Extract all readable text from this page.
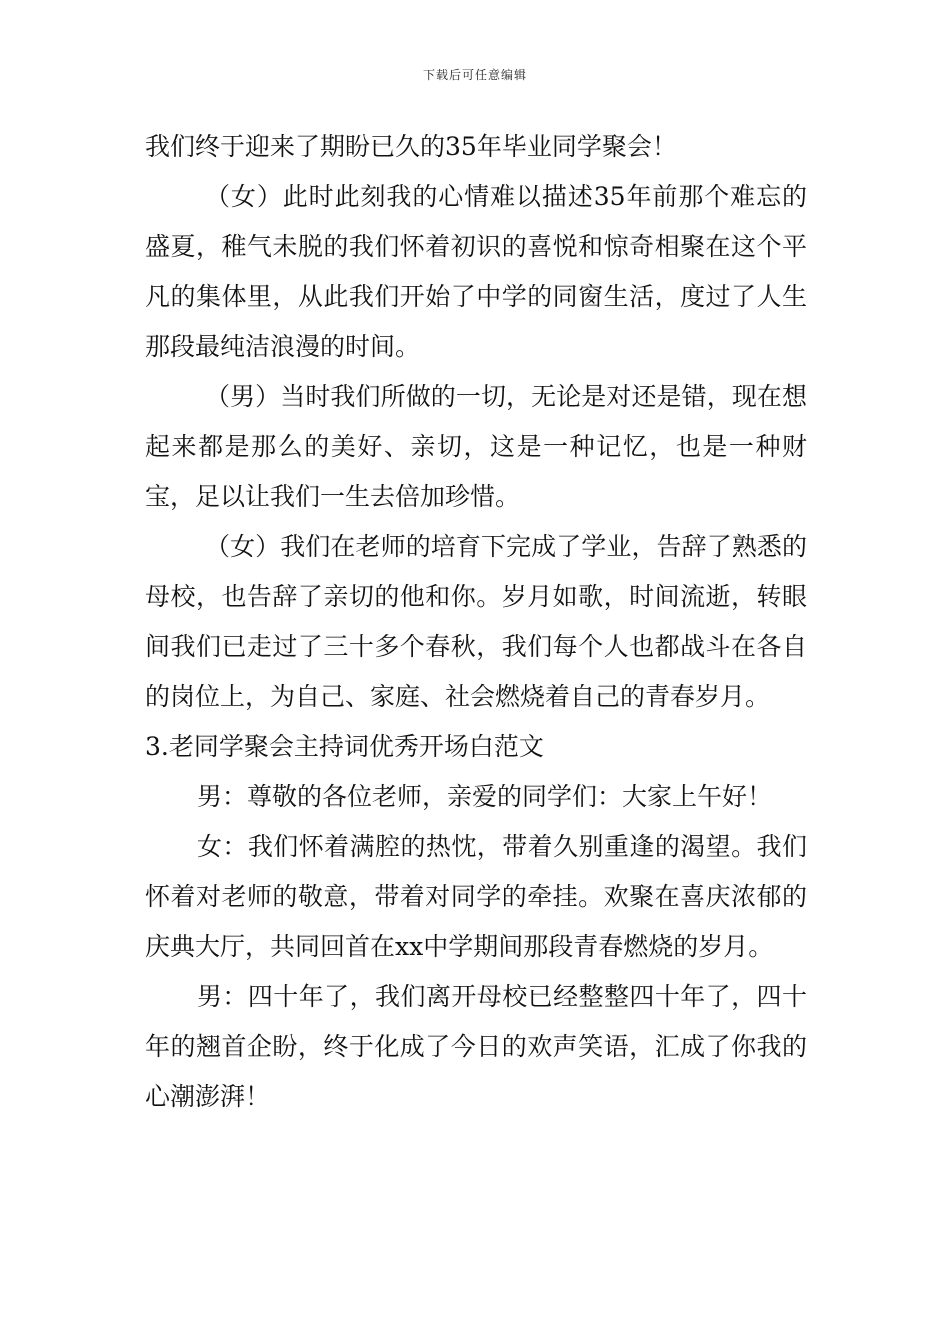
下载后可任意编辑

我们终于迎来了期盼已久的35年毕业同学聚会！

（女）此时此刻我的心情难以描述35年前那个难忘的盛夏，稚气未脱的我们怀着初识的喜悦和惊奇相聚在这个平凡的集体里，从此我们开始了中学的同窗生活，度过了人生那段最纯洁浪漫的时间。

（男）当时我们所做的一切，无论是对还是错，现在想起来都是那么的美好、亲切，这是一种记忆，也是一种财宝，足以让我们一生去倍加珍惜。

（女）我们在老师的培育下完成了学业，告辞了熟悉的母校，也告辞了亲切的他和你。岁月如歌，时间流逝，转眼间我们已走过了三十多个春秋，我们每个人也都战斗在各自的岗位上，为自己、家庭、社会燃烧着自己的青春岁月。

3.老同学聚会主持词优秀开场白范文

男：尊敬的各位老师，亲爱的同学们：大家上午好！

女：我们怀着满腔的热忱，带着久别重逢的渴望。我们怀着对老师的敬意，带着对同学的牵挂。欢聚在喜庆浓郁的庆典大厅，共同回首在xx中学期间那段青春燃烧的岁月。

男：四十年了，我们离开母校已经整整四十年了，四十年的翘首企盼，终于化成了今日的欢声笑语，汇成了你我的心潮澎湃！
